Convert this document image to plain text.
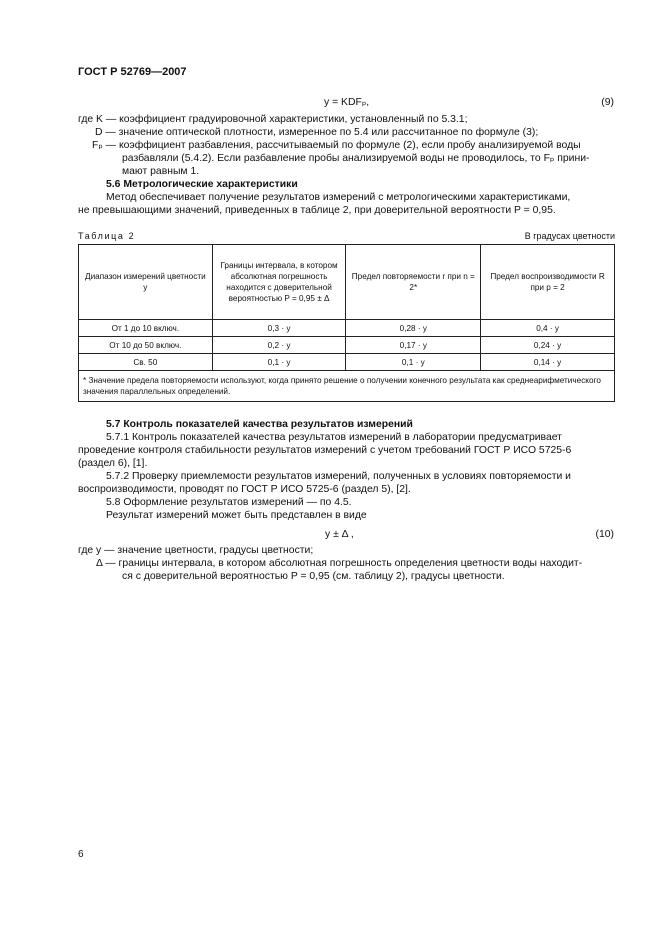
ГОСТ Р 52769—2007
y = KDFₚ,	(9)

где K — коэффициент градуировочной характеристики, установленный по 5.3.1;

D — значение оптической плотности, измеренное по 5.4 или рассчитанное по формуле (3);

Fₚ — коэффициент разбавления, рассчитываемый по формуле (2), если пробу анализируемой воды

разбавляли (5.4.2). Если разбавление пробы анализируемой воды не проводилось, то Fₚ прини-

мают равным 1.

5.6 Метрологические характеристики

Метод обеспечивает получение результатов измерений с метрологическими характеристиками,

не превышающими значений, приведенных в таблице 2, при доверительной вероятности P = 0,95.

Таблица 2	В градусах цветности
Диапазон измерений цветности y	Границы интервала, в котором абсолютная погрешность находится с доверительной вероятностью P = 0,95 ± Δ	Предел повторяемости r при n = 2*	Предел воспроизводимости R при p = 2
От 1 до 10 включ.	0,3 · y	0,28 · y	0,4 · y
От 10 до 50 включ.	0,2 · y	0,17 · y	0,24 · y
Св. 50	0,1 · y	0,1 · y	0,14 · y
* Значение предела повторяемости используют, когда принято решение о получении конечного результата как среднеарифметического значения параллельных определений.			

5.7 Контроль показателей качества результатов измерений

5.7.1 Контроль показателей качества результатов измерений в лаборатории предусматривает

проведение контроля стабильности результатов измерений с учетом требований ГОСТ Р ИСО 5725-6

(раздел 6), [1].

5.7.2 Проверку приемлемости результатов измерений, полученных в условиях повторяемости и

воспроизводимости, проводят по ГОСТ Р ИСО 5725-6 (раздел 5), [2].

5.8 Оформление результатов измерений — по 4.5.

Результат измерений может быть представлен в виде

y ± Δ ,	(10)

где y — значение цветности, градусы цветности;

Δ — границы интервала, в котором абсолютная погрешность определения цветности воды находит-

ся с доверительной вероятностью P = 0,95 (см. таблицу 2), градусы цветности.

6
